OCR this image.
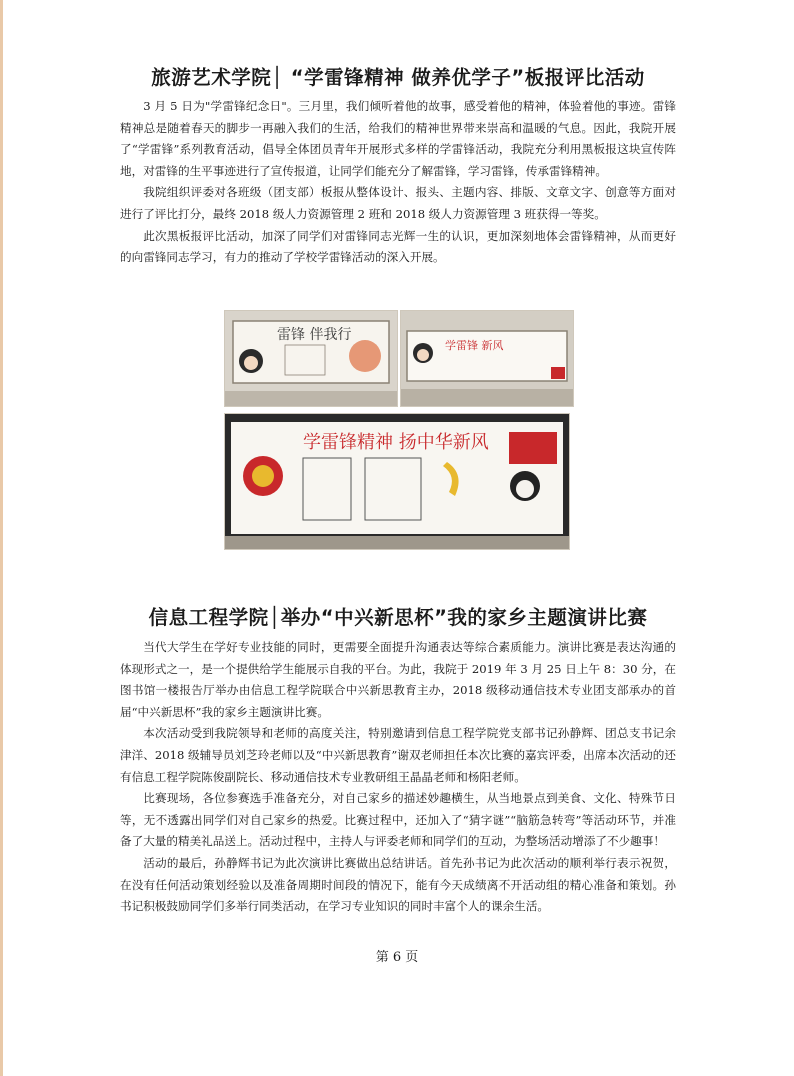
旅游艺术学院│ “学雷锋精神 做养优学子”板报评比活动

3 月 5 日为"学雷锋纪念日"。三月里，我们倾听着他的故事，感受着他的精神，体验着他的事迹。雷锋精神总是随着春天的脚步一再融入我们的生活，给我们的精神世界带来崇高和温暖的气息。因此，我院开展 了“学雷锋”系列教育活动，倡导全体团员青年开展形式多样的学雷锋活动，我院充分利用黑板报这块宣传阵地，对雷锋的生平事迹进行了宣传报道，让同学们能充分了解雷锋，学习雷锋，传承雷锋精神。

我院组织评委对各班级（团支部）板报从整体设计、报头、主题内容、排版、文章文字、创意等方面对进行了评比打分，最终 2018 级人力资源管理 2 班和 2018 级人力资源管理 3 班获得一等奖。

此次黑板报评比活动，加深了同学们对雷锋同志光辉一生的认识，更加深刻地体会雷锋精神，从而更好的向雷锋同志学习，有力的推动了学校学雷锋活动的深入开展。

雷锋 伴我行
学雷锋 新风
学雷锋精神 扬中华新风
信息工程学院│举办“中兴新思杯”我的家乡主题演讲比赛

当代大学生在学好专业技能的同时，更需要全面提升沟通表达等综合素质能力。演讲比赛是表达沟通的体现形式之一，是一个提供给学生能展示自我的平台。为此，我院于 2019 年 3 月 25 日上午 8：30 分，在图书馆一楼报告厅举办由信息工程学院联合中兴新思教育主办，2018 级移动通信技术专业团支部承办的首届“中兴新思杯”我的家乡主题演讲比赛。

本次活动受到我院领导和老师的高度关注，特别邀请到信息工程学院党支部书记孙静辉、团总支书记余津洋、2018 级辅导员刘芝玲老师以及“中兴新思教育”谢双老师担任本次比赛的嘉宾评委，出席本次活动的还有信息工程学院陈俊副院长、移动通信技术专业教研组王晶晶老师和杨阳老师。

比赛现场，各位参赛选手准备充分，对自己家乡的描述妙趣横生，从当地景点到美食、文化、特殊节日等，无不透露出同学们对自己家乡的热爱。比赛过程中，还加入了“猜字谜”“脑筋急转弯”等活动环节，并准备了大量的精美礼品送上。活动过程中，主持人与评委老师和同学们的互动，为整场活动增添了不少趣事！

活动的最后，孙静辉书记为此次演讲比赛做出总结讲话。首先孙书记为此次活动的顺利举行表示祝贺，在没有任何活动策划经验以及准备周期时间段的情况下，能有今天成绩离不开活动组的精心准备和策划。孙书记积极鼓励同学们多举行同类活动，在学习专业知识的同时丰富个人的课余生活。

第 6 页
